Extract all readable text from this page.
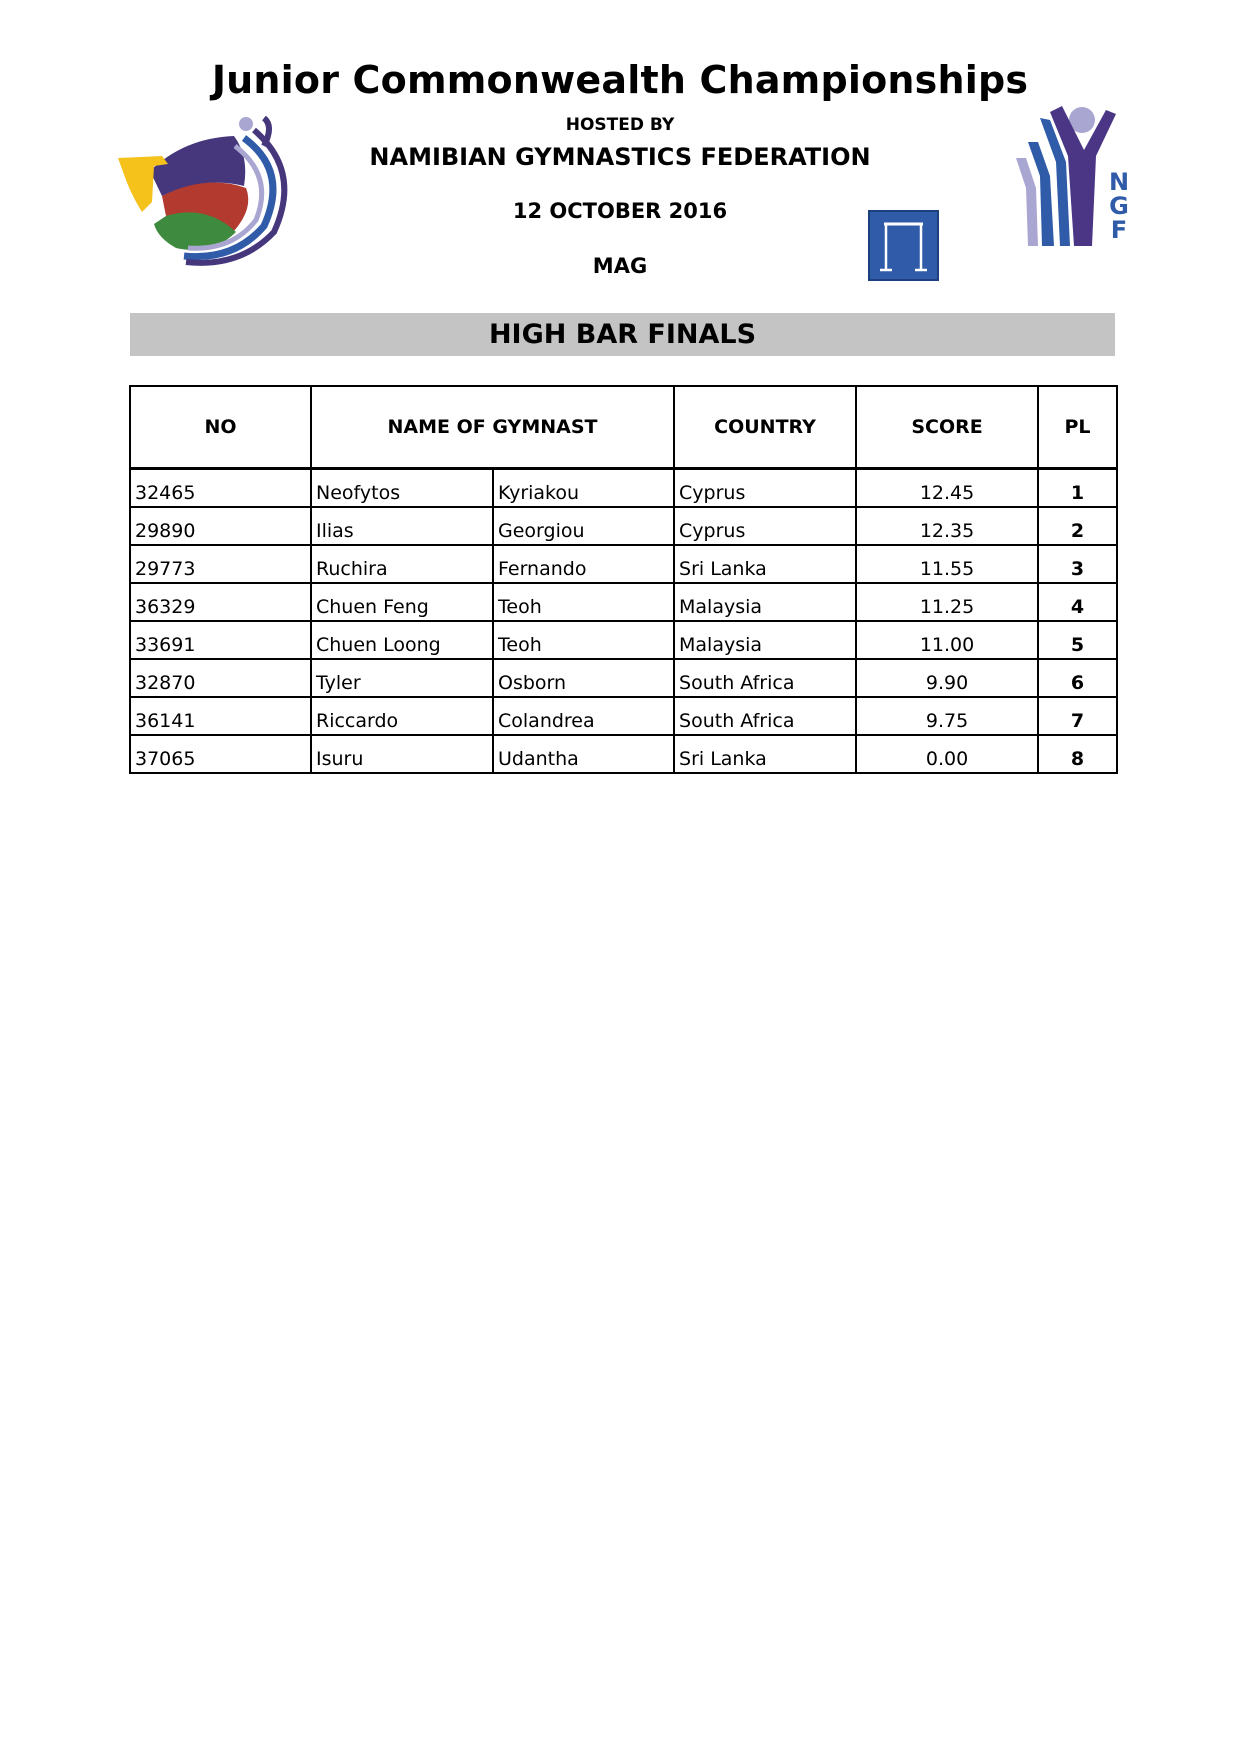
Junior Commonwealth Championships
HOSTED BY
NAMIBIAN GYMNASTICS FEDERATION
12 OCTOBER 2016
MAG
N
G
F
HIGH BAR FINALS
NO	NAME OF GYMNAST		COUNTRY	SCORE	PL
32465	Neofytos	Kyriakou	Cyprus	12.45	1
29890	Ilias	Georgiou	Cyprus	12.35	2
29773	Ruchira	Fernando	Sri Lanka	11.55	3
36329	Chuen Feng	Teoh	Malaysia	11.25	4
33691	Chuen Loong	Teoh	Malaysia	11.00	5
32870	Tyler	Osborn	South Africa	9.90	6
36141	Riccardo	Colandrea	South Africa	9.75	7
37065	Isuru	Udantha	Sri Lanka	0.00	8
